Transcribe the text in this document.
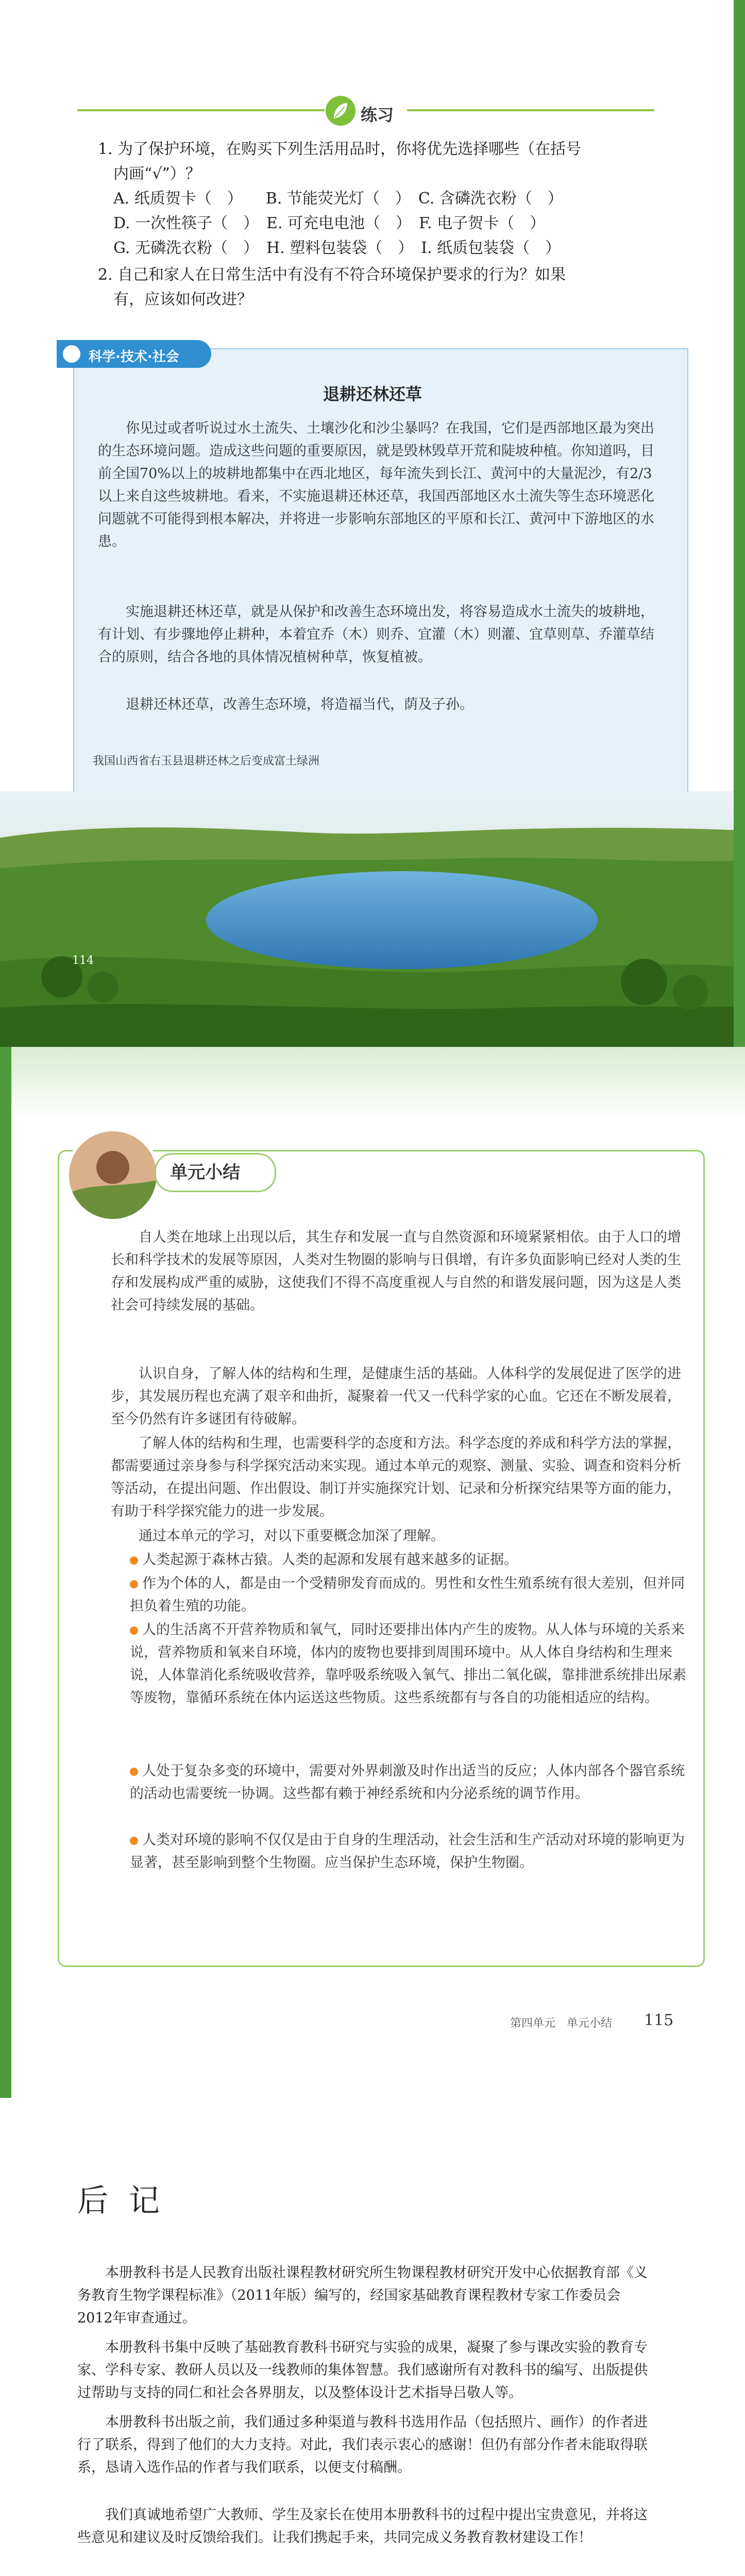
练习
1. 为了保护环境，在购买下列生活用品时，你将优先选择哪些（在括号
内画“√”）？
A. 纸质贺卡（　）　　B. 节能荧光灯（　）　C. 含磷洗衣粉（　）
D. 一次性筷子（　）　E. 可充电电池（　）　F. 电子贺卡（　）
G. 无磷洗衣粉（　）　H. 塑料包装袋（　）　I. 纸质包装袋（　）
2. 自己和家人在日常生活中有没有不符合环境保护要求的行为？如果
有，应该如何改进？
科学·技术·社会
退耕还林还草

你见过或者听说过水土流失、土壤沙化和沙尘暴吗？在我国，它们是西部地区最为突出的生态环境问题。造成这些问题的重要原因，就是毁林毁草开荒和陡坡种植。你知道吗，目前全国70%以上的坡耕地都集中在西北地区，每年流失到长江、黄河中的大量泥沙，有2/3以上来自这些坡耕地。看来，不实施退耕还林还草，我国西部地区水土流失等生态环境恶化问题就不可能得到根本解决，并将进一步影响东部地区的平原和长江、黄河中下游地区的水患。

实施退耕还林还草，就是从保护和改善生态环境出发，将容易造成水土流失的坡耕地，有计划、有步骤地停止耕种，本着宜乔（木）则乔、宜灌（木）则灌、宜草则草、乔灌草结合的原则，结合各地的具体情况植树种草，恢复植被。

退耕还林还草，改善生态环境，将造福当代，荫及子孙。

我国山西省右玉县退耕还林之后变成富土绿洲
114
单元小结

自人类在地球上出现以后，其生存和发展一直与自然资源和环境紧紧相依。由于人口的增长和科学技术的发展等原因，人类对生物圈的影响与日俱增，有许多负面影响已经对人类的生存和发展构成严重的威胁，这使我们不得不高度重视人与自然的和谐发展问题，因为这是人类社会可持续发展的基础。

认识自身，了解人体的结构和生理，是健康生活的基础。人体科学的发展促进了医学的进步，其发展历程也充满了艰辛和曲折，凝聚着一代又一代科学家的心血。它还在不断发展着，至今仍然有许多谜团有待破解。

了解人体的结构和生理，也需要科学的态度和方法。科学态度的养成和科学方法的掌握，都需要通过亲身参与科学探究活动来实现。通过本单元的观察、测量、实验、调查和资料分析等活动，在提出问题、作出假设、制订并实施探究计划、记录和分析探究结果等方面的能力，有助于科学探究能力的进一步发展。

通过本单元的学习，对以下重要概念加深了理解。

人类起源于森林古猿。人类的起源和发展有越来越多的证据。

作为个体的人，都是由一个受精卵发育而成的。男性和女性生殖系统有很大差别，但并同担负着生殖的功能。

人的生活离不开营养物质和氧气，同时还要排出体内产生的废物。从人体与环境的关系来说，营养物质和氧来自环境，体内的废物也要排到周围环境中。从人体自身结构和生理来说，人体靠消化系统吸收营养，靠呼吸系统吸入氧气、排出二氧化碳，靠排泄系统排出尿素等废物，靠循环系统在体内运送这些物质。这些系统都有与各自的功能相适应的结构。

人处于复杂多变的环境中，需要对外界刺激及时作出适当的反应；人体内部各个器官系统的活动也需要统一协调。这些都有赖于神经系统和内分泌系统的调节作用。

人类对环境的影响不仅仅是由于自身的生理活动，社会生活和生产活动对环境的影响更为显著，甚至影响到整个生物圈。应当保护生态环境，保护生物圈。

第四单元　单元小结 115
后记

本册教科书是人民教育出版社课程教材研究所生物课程教材研究开发中心依据教育部《义务教育生物学课程标准》（2011年版）编写的，经国家基础教育课程教材专家工作委员会2012年审查通过。

本册教科书集中反映了基础教育教科书研究与实验的成果，凝聚了参与课改实验的教育专家、学科专家、教研人员以及一线教师的集体智慧。我们感谢所有对教科书的编写、出版提供过帮助与支持的同仁和社会各界朋友，以及整体设计艺术指导吕敬人等。

本册教科书出版之前，我们通过多种渠道与教科书选用作品（包括照片、画作）的作者进行了联系，得到了他们的大力支持。对此，我们表示衷心的感谢！但仍有部分作者未能取得联系，恳请入选作品的作者与我们联系，以便支付稿酬。

我们真诚地希望广大教师、学生及家长在使用本册教科书的过程中提出宝贵意见，并将这些意见和建议及时反馈给我们。让我们携起手来，共同完成义务教育教材建设工作！
